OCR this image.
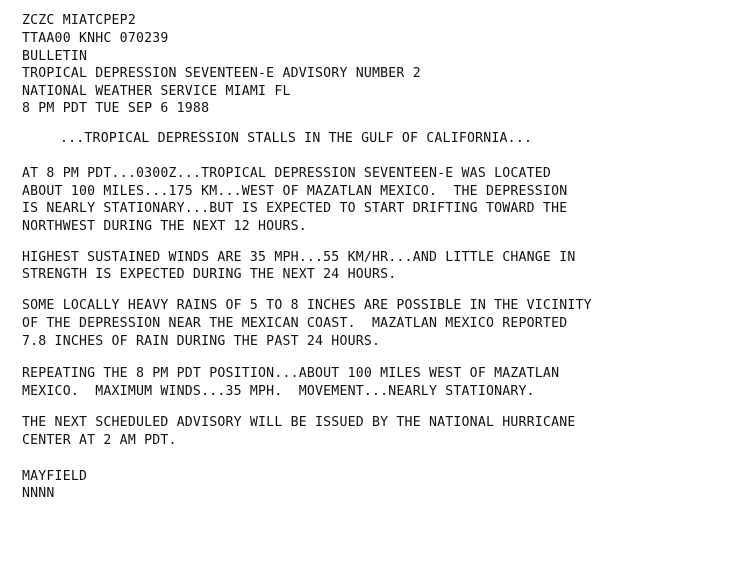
ZCZC MIATCPEP2

TTAA00 KNHC 070239

BULLETIN

TROPICAL DEPRESSION SEVENTEEN-E ADVISORY NUMBER 2

NATIONAL WEATHER SERVICE MIAMI FL

8 PM PDT TUE SEP 6 1988

...TROPICAL DEPRESSION STALLS IN THE GULF OF CALIFORNIA...

AT 8 PM PDT...0300Z...TROPICAL DEPRESSION SEVENTEEN-E WAS LOCATED

ABOUT 100 MILES...175 KM...WEST OF MAZATLAN MEXICO.  THE DEPRESSION

IS NEARLY STATIONARY...BUT IS EXPECTED TO START DRIFTING TOWARD THE

NORTHWEST DURING THE NEXT 12 HOURS.

HIGHEST SUSTAINED WINDS ARE 35 MPH...55 KM/HR...AND LITTLE CHANGE IN

STRENGTH IS EXPECTED DURING THE NEXT 24 HOURS.

SOME LOCALLY HEAVY RAINS OF 5 TO 8 INCHES ARE POSSIBLE IN THE VICINITY

OF THE DEPRESSION NEAR THE MEXICAN COAST.  MAZATLAN MEXICO REPORTED

7.8 INCHES OF RAIN DURING THE PAST 24 HOURS.

REPEATING THE 8 PM PDT POSITION...ABOUT 100 MILES WEST OF MAZATLAN

MEXICO.  MAXIMUM WINDS...35 MPH.  MOVEMENT...NEARLY STATIONARY.

THE NEXT SCHEDULED ADVISORY WILL BE ISSUED BY THE NATIONAL HURRICANE

CENTER AT 2 AM PDT.

MAYFIELD

NNNN
